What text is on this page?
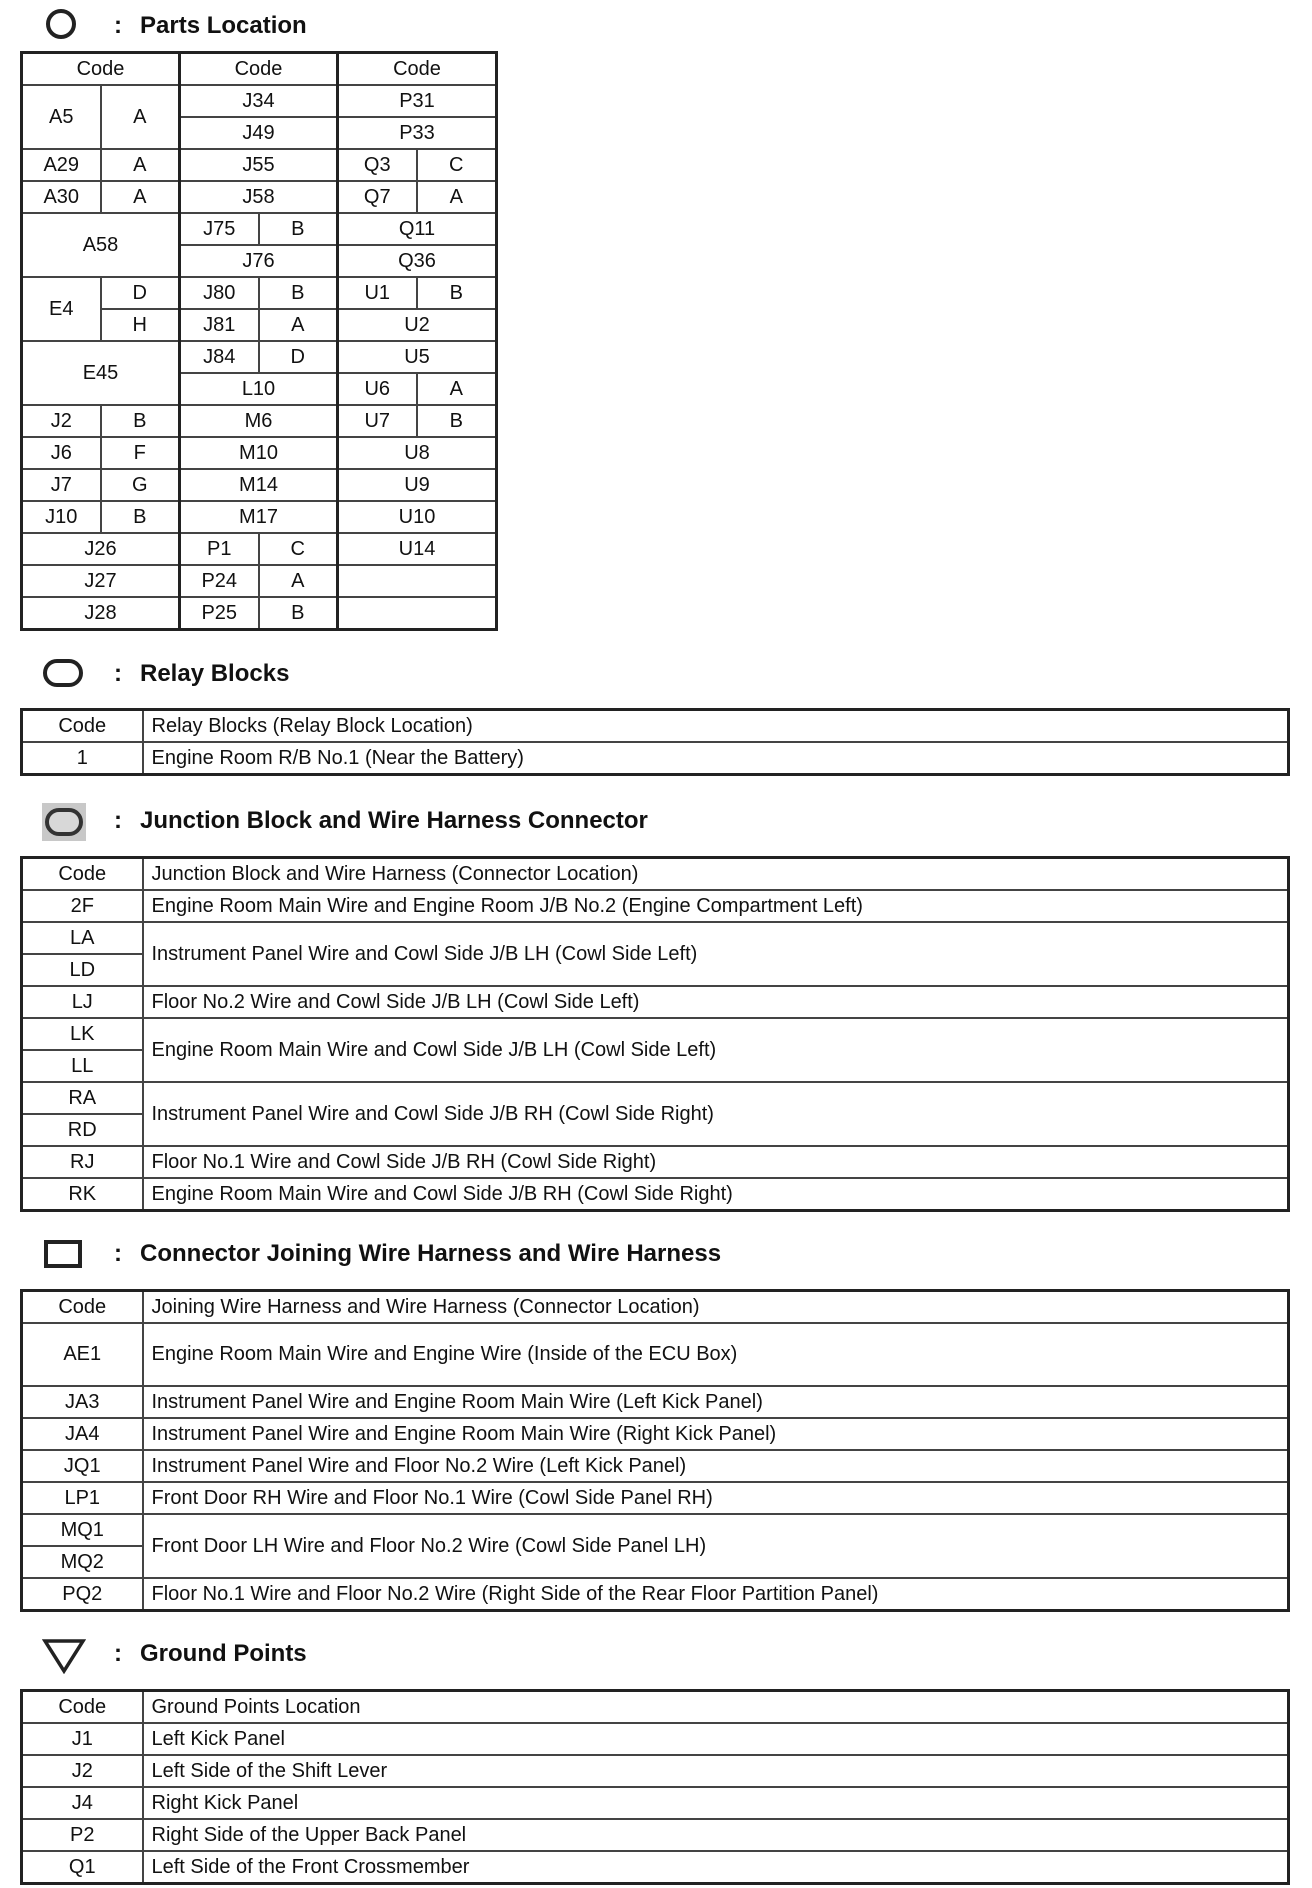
: Parts Location
Code		Code		Code	
A5	A	J34		P31	
		J49		P33	
A29	A	J55		Q3	C
A30	A	J58		Q7	A
A58		J75	B	Q11	
		J76		Q36	
E4	D	J80	B	U1	B
	H	J81	A	U2	
E45		J84	D	U5	
		L10		U6	A
J2	B	M6		U7	B
J6	F	M10		U8	
J7	G	M14		U9	
J10	B	M17		U10	
J26		P1	C	U14	
J27		P24	A		
J28		P25	B		
: Relay Blocks
Code	Relay Blocks (Relay Block Location)
1	Engine Room R/B No.1 (Near the Battery)
: Junction Block and Wire Harness Connector
Code	Junction Block and Wire Harness (Connector Location)
2F	Engine Room Main Wire and Engine Room J/B No.2 (Engine Compartment Left)
LA	Instrument Panel Wire and Cowl Side J/B LH (Cowl Side Left)
LD	
LJ	Floor No.2 Wire and Cowl Side J/B LH (Cowl Side Left)
LK	Engine Room Main Wire and Cowl Side J/B LH (Cowl Side Left)
LL	
RA	Instrument Panel Wire and Cowl Side J/B RH (Cowl Side Right)
RD	
RJ	Floor No.1 Wire and Cowl Side J/B RH (Cowl Side Right)
RK	Engine Room Main Wire and Cowl Side J/B RH (Cowl Side Right)
: Connector Joining Wire Harness and Wire Harness
Code	Joining Wire Harness and Wire Harness (Connector Location)
AE1	Engine Room Main Wire and Engine Wire (Inside of the ECU Box)
JA3	Instrument Panel Wire and Engine Room Main Wire (Left Kick Panel)
JA4	Instrument Panel Wire and Engine Room Main Wire (Right Kick Panel)
JQ1	Instrument Panel Wire and Floor No.2 Wire (Left Kick Panel)
LP1	Front Door RH Wire and Floor No.1 Wire (Cowl Side Panel RH)
MQ1	Front Door LH Wire and Floor No.2 Wire (Cowl Side Panel LH)
MQ2	
PQ2	Floor No.1 Wire and Floor No.2 Wire (Right Side of the Rear Floor Partition Panel)
: Ground Points
Code	Ground Points Location
J1	Left Kick Panel
J2	Left Side of the Shift Lever
J4	Right Kick Panel
P2	Right Side of the Upper Back Panel
Q1	Left Side of the Front Crossmember
